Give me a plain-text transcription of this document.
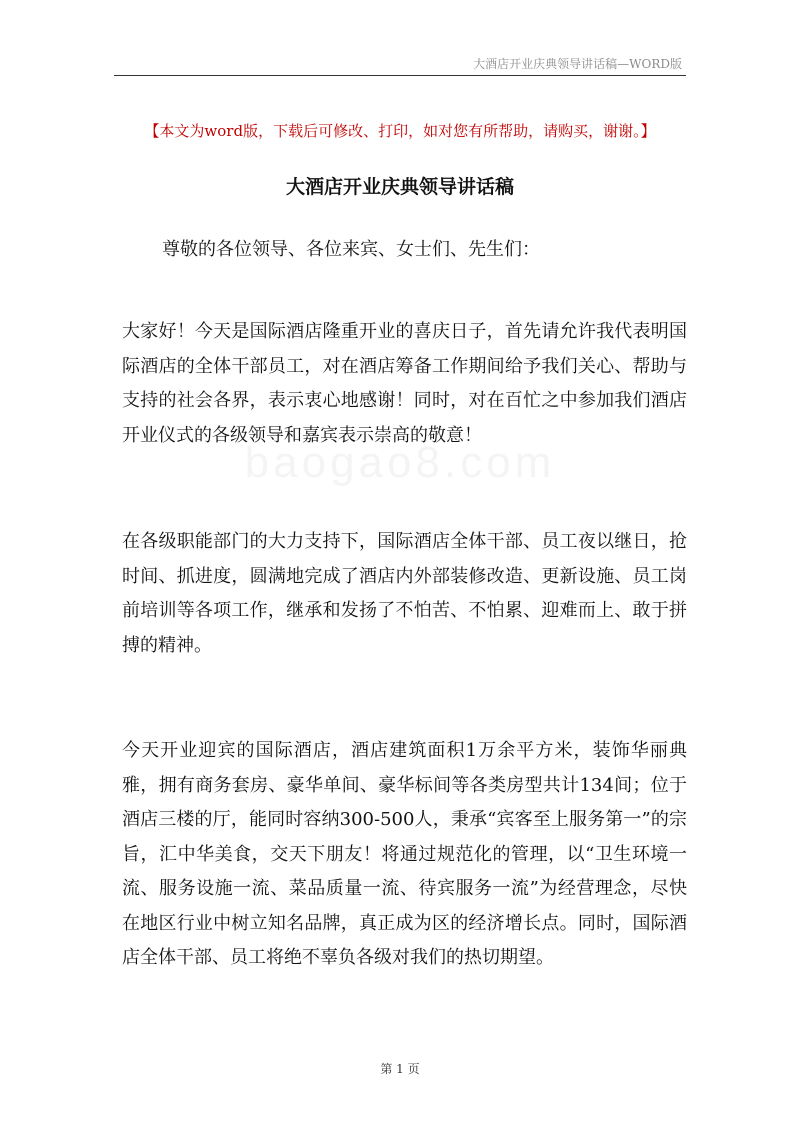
大酒店开业庆典领导讲话稿—WORD版
【本文为word版，下载后可修改、打印，如对您有所帮助，请购买，谢谢。】
大酒店开业庆典领导讲话稿
尊敬的各位领导、各位来宾、女士们、先生们：

大家好！今天是国际酒店隆重开业的喜庆日子，首先请允许我代表明国际酒店的全体干部员工，对在酒店筹备工作期间给予我们关心、帮助与支持的社会各界，表示衷心地感谢！同时，对在百忙之中参加我们酒店开业仪式的各级领导和嘉宾表示崇高的敬意！

在各级职能部门的大力支持下，国际酒店全体干部、员工夜以继日，抢时间、抓进度，圆满地完成了酒店内外部装修改造、更新设施、员工岗前培训等各项工作，继承和发扬了不怕苦、不怕累、迎难而上、敢于拼搏的精神。

今天开业迎宾的国际酒店，酒店建筑面积1万余平方米，装饰华丽典雅，拥有商务套房、豪华单间、豪华标间等各类房型共计134间；位于酒店三楼的厅，能同时容纳300-500人，秉承“宾客至上服务第一”的宗旨，汇中华美食，交天下朋友！将通过规范化的管理，以“卫生环境一流、服务设施一流、菜品质量一流、待宾服务一流”为经营理念，尽快在地区行业中树立知名品牌，真正成为区的经济增长点。同时，国际酒店全体干部、员工将绝不辜负各级对我们的热切期望。

第 1 页
